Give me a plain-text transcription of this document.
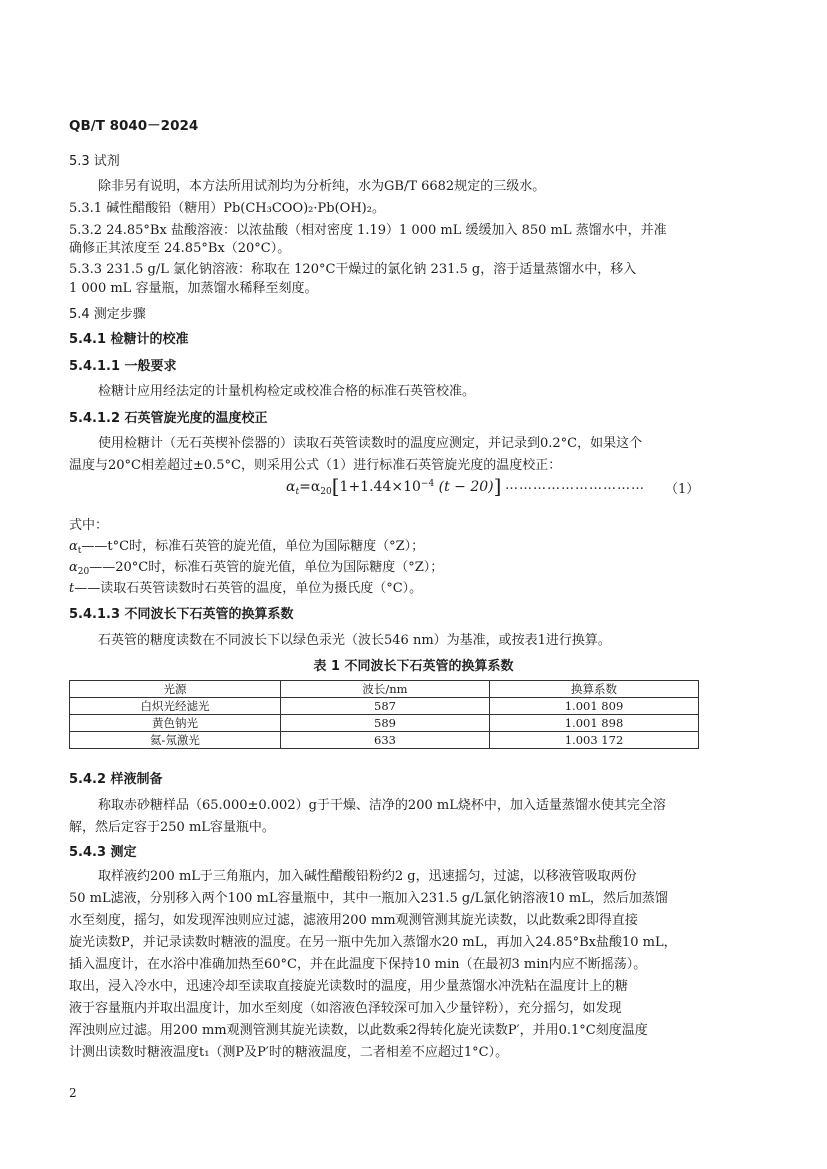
QB/T 8040－2024
5.3 试剂
除非另有说明，本方法所用试剂均为分析纯，水为GB/T 6682规定的三级水。
5.3.1 碱性醋酸铅（糖用）Pb(CH₃COO)₂·Pb(OH)₂。
5.3.2 24.85°Bx 盐酸溶液：以浓盐酸（相对密度 1.19）1 000 mL 缓缓加入 850 mL 蒸馏水中，并准
确修正其浓度至 24.85°Bx（20°C）。
5.3.3 231.5 g/L 氯化钠溶液：称取在 120°C干燥过的氯化钠 231.5 g，溶于适量蒸馏水中，移入
1 000 mL 容量瓶，加蒸馏水稀释至刻度。
5.4 测定步骤
5.4.1 检糖计的校准
5.4.1.1 一般要求
检糖计应用经法定的计量机构检定或校准合格的标准石英管校准。
5.4.1.2 石英管旋光度的温度校正
使用检糖计（无石英楔补偿器的）读取石英管读数时的温度应测定，并记录到0.2°C，如果这个
温度与20°C相差超过±0.5°C，则采用公式（1）进行标准石英管旋光度的温度校正：
$\alpha_t=\alpha_{20}[1+1.44\times 10^{-4}$ (t − 20)] ………………………… （1）
式中：
$\alpha_t——t^\circ C$时，标准石英管的旋光值，单位为国际糖度（°Z）；
$\alpha_{20}——20^\circ C$时，标准石英管的旋光值，单位为国际糖度（°Z）；
t——读取石英管读数时石英管的温度，单位为摄氏度（°C）。
5.4.1.3 不同波长下石英管的换算系数
石英管的糖度读数在不同波长下以绿色汞光（波长546 nm）为基准，或按表1进行换算。
表 1 不同波长下石英管的换算系数
光源	波长/nm	换算系数
白炽光经滤光	587	1.001 809
黄色钠光	589	1.001 898
氦-氖激光	633	1.003 172
5.4.2 样液制备
称取赤砂糖样品（65.000±0.002）g于干燥、洁净的200 mL烧杯中，加入适量蒸馏水使其完全溶
解，然后定容于250 mL容量瓶中。
5.4.3 测定
取样液约200 mL于三角瓶内，加入碱性醋酸铅粉约2 g，迅速摇匀，过滤，以移液管吸取两份
50 mL滤液，分别移入两个100 mL容量瓶中，其中一瓶加入231.5 g/L氯化钠溶液10 mL，然后加蒸馏
水至刻度，摇匀，如发现浑浊则应过滤，滤液用200 mm观测管测其旋光读数，以此数乘2即得直接
旋光读数P，并记录读数时糖液的温度。在另一瓶中先加入蒸馏水20 mL，再加入24.85°Bx盐酸10 mL，
插入温度计，在水浴中准确加热至60°C，并在此温度下保持10 min（在最初3 min内应不断摇荡）。
取出，浸入冷水中，迅速冷却至读取直接旋光读数时的温度，用少量蒸馏水冲洗粘在温度计上的糖
液于容量瓶内并取出温度计，加水至刻度（如溶液色泽较深可加入少量锌粉），充分摇匀，如发现
浑浊则应过滤。用200 mm观测管测其旋光读数，以此数乘2得转化旋光读数P′，并用0.1°C刻度温度
计测出读数时糖液温度t₁（测P及P′时的糖液温度，二者相差不应超过1°C）。
2
